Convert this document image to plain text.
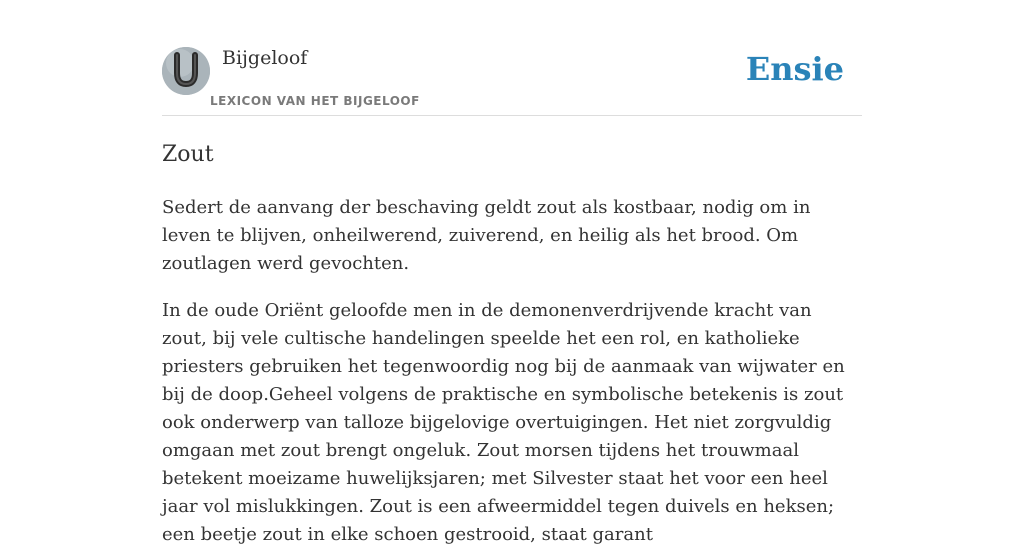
Bijgeloof
LEXICON VAN HET BIJGELOOF
Ensie
Zout

Sedert de aanvang der beschaving geldt zout als kostbaar, nodig om in leven te blijven, onheilwerend, zuiverend, en heilig als het brood. Om zoutlagen werd gevochten.

In de oude Oriënt geloofde men in de demonenverdrijvende kracht van zout, bij vele cultische handelingen speelde het een rol, en katholieke priesters gebruiken het tegenwoordig nog bij de aanmaak van wijwater en bij de doop.Geheel volgens de praktische en symbolische betekenis is zout ook onderwerp van talloze bijgelovige overtuigingen. Het niet zorgvuldig omgaan met zout brengt ongeluk. Zout morsen tijdens het trouwmaal betekent moeizame huwelijksjaren; met Silvester staat het voor een heel jaar vol mislukkingen. Zout is een afweermiddel tegen duivels en heksen; een beetje zout in elke schoen gestrooid, staat garant
